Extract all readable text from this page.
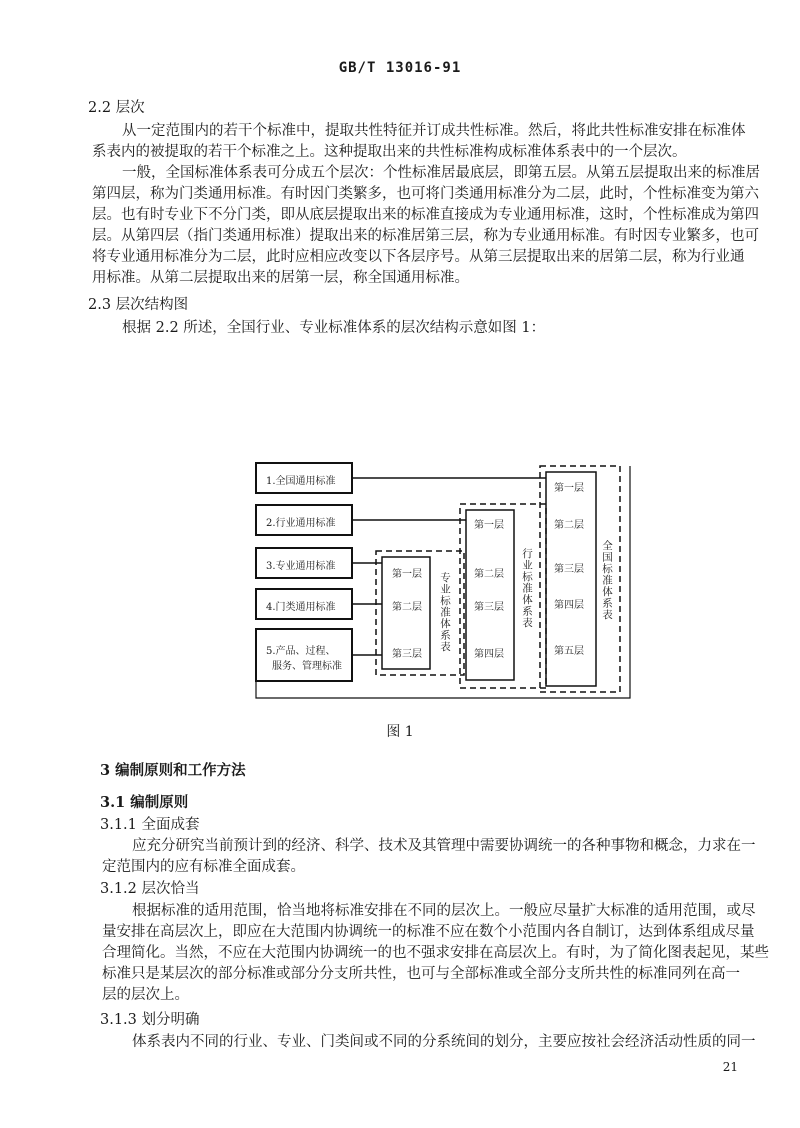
GB/T 13016-91
2.2 层次
从一定范围内的若干个标准中，提取共性特征并订成共性标准。然后，将此共性标准安排在标准体
系表内的被提取的若干个标准之上。这种提取出来的共性标准构成标准体系表中的一个层次。
一般，全国标准体系表可分成五个层次：个性标准居最底层，即第五层。从第五层提取出来的标准居
第四层，称为门类通用标准。有时因门类繁多，也可将门类通用标准分为二层，此时，个性标准变为第六
层。也有时专业下不分门类，即从底层提取出来的标准直接成为专业通用标准，这时，个性标准成为第四
层。从第四层（指门类通用标准）提取出来的标准居第三层，称为专业通用标准。有时因专业繁多，也可
将专业通用标准分为二层，此时应相应改变以下各层序号。从第三层提取出来的居第二层，称为行业通
用标准。从第二层提取出来的居第一层，称全国通用标准。
2.3 层次结构图
根据 2.2 所述，全国行业、专业标准体系的层次结构示意如图 1：
1.全国通用标准
2.行业通用标准
3.专业通用标准
4.门类通用标准
5.产品、过程、
服务、管理标准
第一层
第二层
第三层
专业标准体系表
第一层
第二层
第三层
第四层
行业标准体系表
第一层
第二层
第三层
第四层
第五层
全国标准体系表
图 1
3 编制原则和工作方法
3.1 编制原则
3.1.1 全面成套
应充分研究当前预计到的经济、科学、技术及其管理中需要协调统一的各种事物和概念，力求在一
定范围内的应有标准全面成套。
3.1.2 层次恰当
根据标准的适用范围，恰当地将标准安排在不同的层次上。一般应尽量扩大标准的适用范围，或尽
量安排在高层次上，即应在大范围内协调统一的标准不应在数个小范围内各自制订，达到体系组成尽量
合理简化。当然，不应在大范围内协调统一的也不强求安排在高层次上。有时，为了简化图表起见，某些
标准只是某层次的部分标准或部分分支所共性，也可与全部标准或全部分支所共性的标准同列在高一
层的层次上。
3.1.3 划分明确
体系表内不同的行业、专业、门类间或不同的分系统间的划分，主要应按社会经济活动性质的同一
21
